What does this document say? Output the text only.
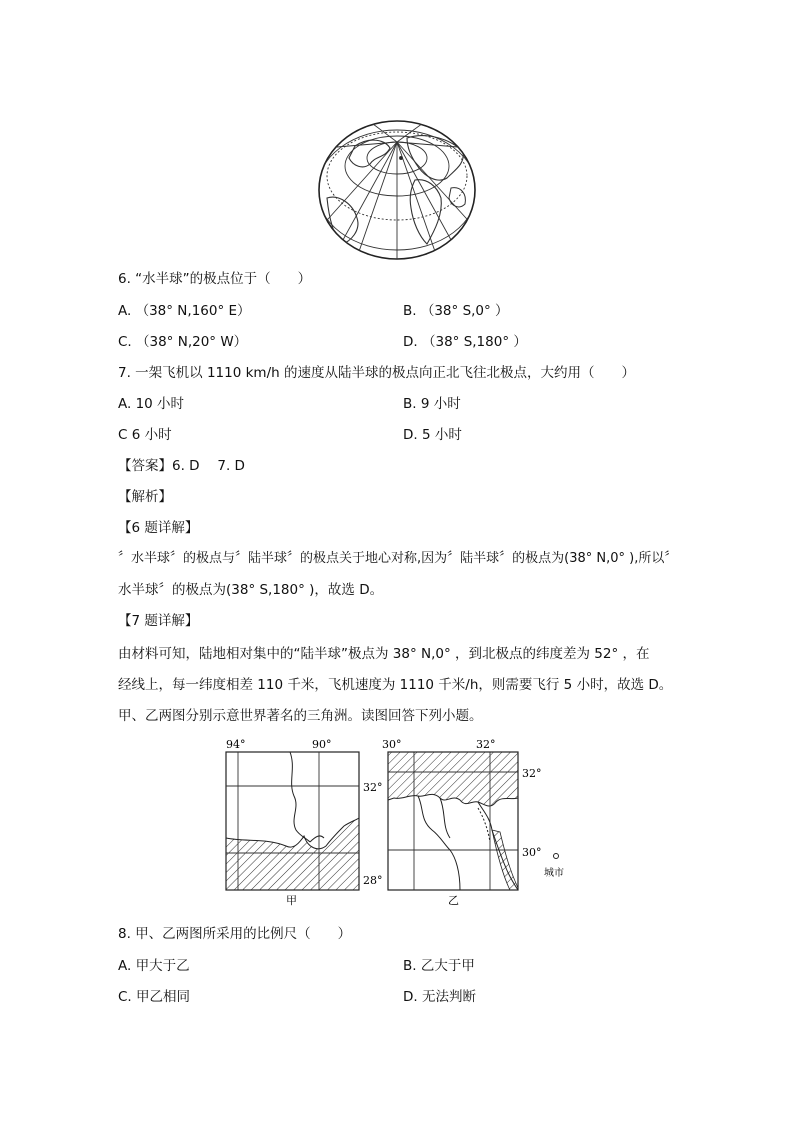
6. “水半球”的极点位于（　　）
A. （38° N,160° E）	B. （38° S,0° ）
C. （38° N,20° W）	D. （38° S,180° ）
7. 一架飞机以 1110 km/h 的速度从陆半球的极点向正北飞往北极点，大约用（　　）
A. 10 小时	B. 9 小时
C 6 小时	D. 5 小时
【答案】6. D　 7. D
【解析】
【6 题详解】
〞水半球〞的极点与〞陆半球〞的极点关于地心对称,因为〞陆半球〞的极点为(38° N,0° ),所以〞
水半球〞的极点为(38° S,180° )，故选 D。
【7 题详解】
由材料可知，陆地相对集中的“陆半球”极点为 38° N,0° ，到北极点的纬度差为 52° ，在
经线上，每一纬度相差 110 千米，飞机速度为 1110 千米/h，则需要飞行 5 小时，故选 D。
甲、乙两图分别示意世界著名的三角洲。读图回答下列小题。
94°	90°
32°
28°
甲
30°	32°
32°
30°
城市
乙
8. 甲、乙两图所采用的比例尺（　　）
A. 甲大于乙	B. 乙大于甲
C. 甲乙相同	D. 无法判断
